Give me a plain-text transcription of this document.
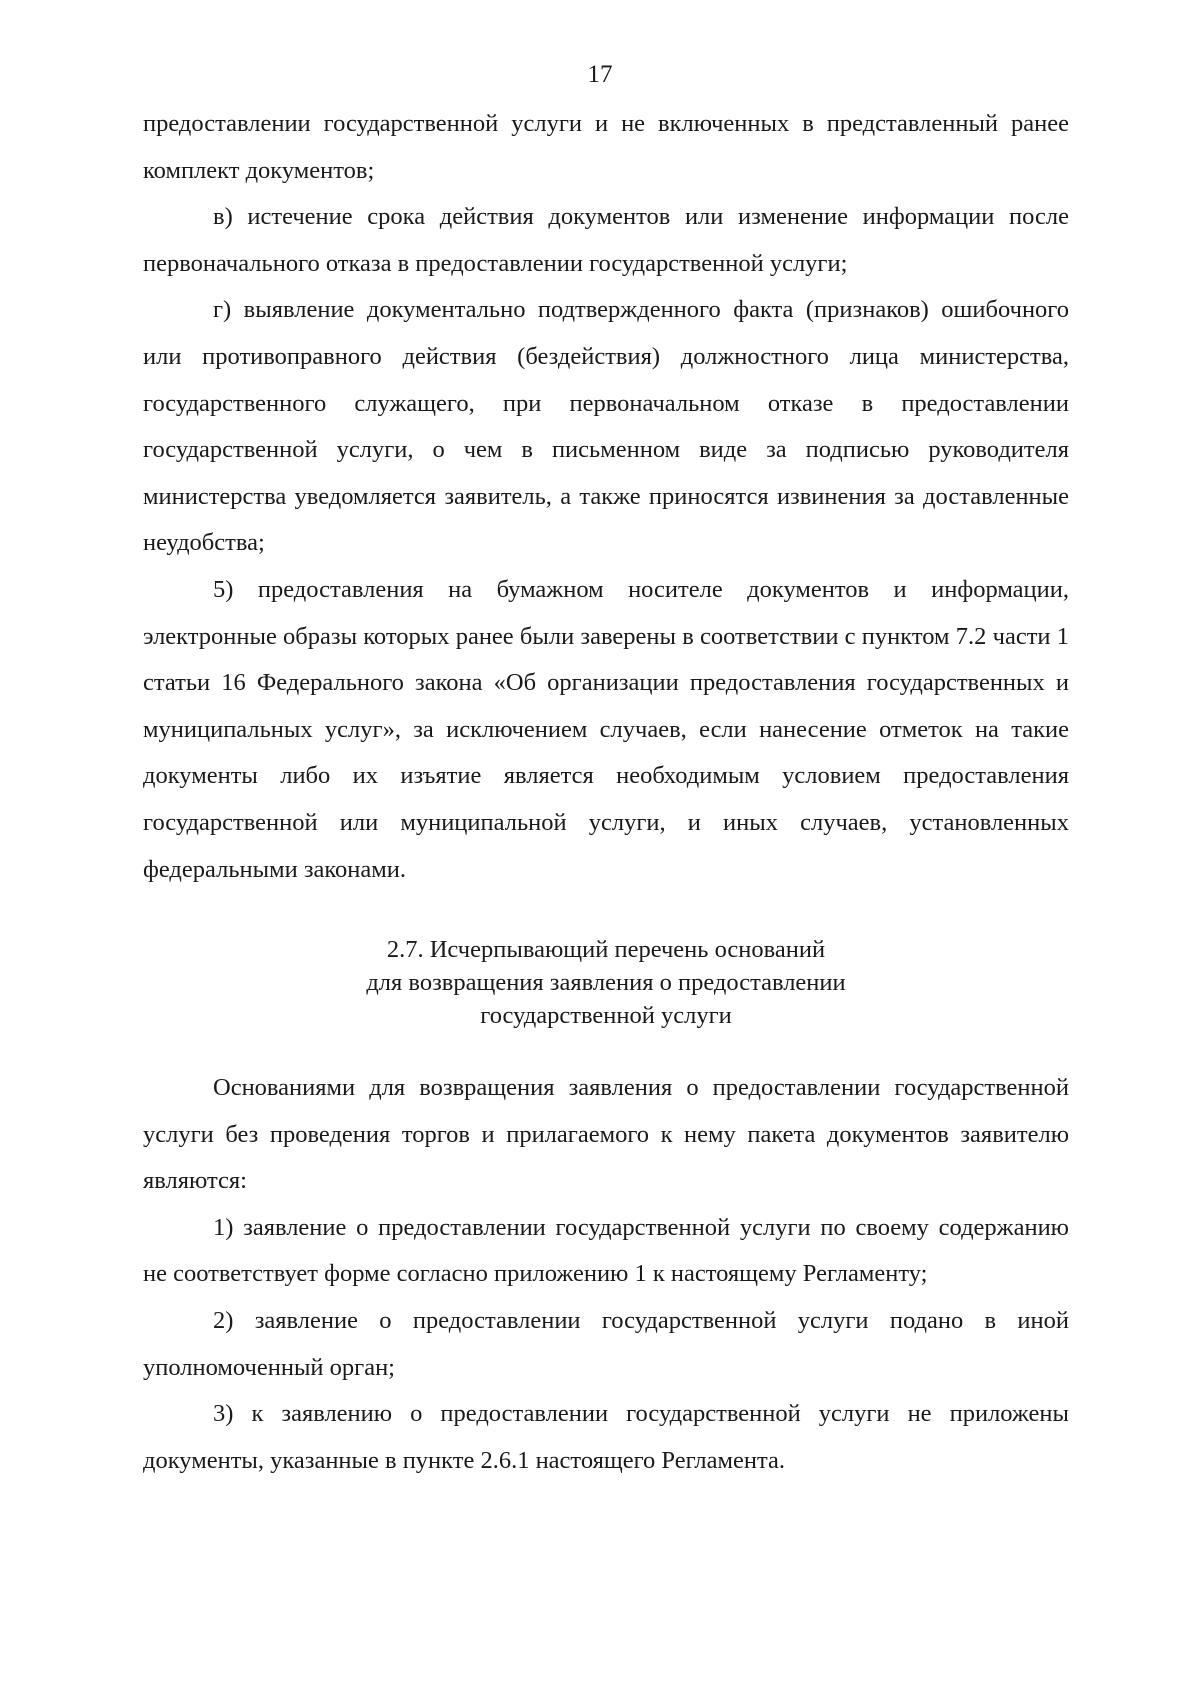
17

предоставлении государственной услуги и не включенных в представленный ранее комплект документов;

в) истечение срока действия документов или изменение информации после первоначального отказа в предоставлении государственной услуги;

г) выявление документально подтвержденного факта (признаков) ошибочного или противоправного действия (бездействия) должностного лица министерства, государственного служащего, при первоначальном отказе в предоставлении государственной услуги, о чем в письменном виде за подписью руководителя министерства уведомляется заявитель, а также приносятся извинения за доставленные неудобства;

5) предоставления на бумажном носителе документов и информации, электронные образы которых ранее были заверены в соответствии с пунктом 7.2 части 1 статьи 16 Федерального закона «Об организации предоставления государственных и муниципальных услуг», за исключением случаев, если нанесение отметок на такие документы либо их изъятие является необходимым условием предоставления государственной или муниципальной услуги, и иных случаев, установленных федеральными законами.

2.7. Исчерпывающий перечень оснований
для возвращения заявления о предоставлении
государственной услуги

Основаниями для возвращения заявления о предоставлении государственной услуги без проведения торгов и прилагаемого к нему пакета документов заявителю являются:

1) заявление о предоставлении государственной услуги по своему содержанию не соответствует форме согласно приложению 1 к настоящему Регламенту;

2) заявление о предоставлении государственной услуги подано в иной уполномоченный орган;

3) к заявлению о предоставлении государственной услуги не приложены документы, указанные в пункте 2.6.1 настоящего Регламента.
